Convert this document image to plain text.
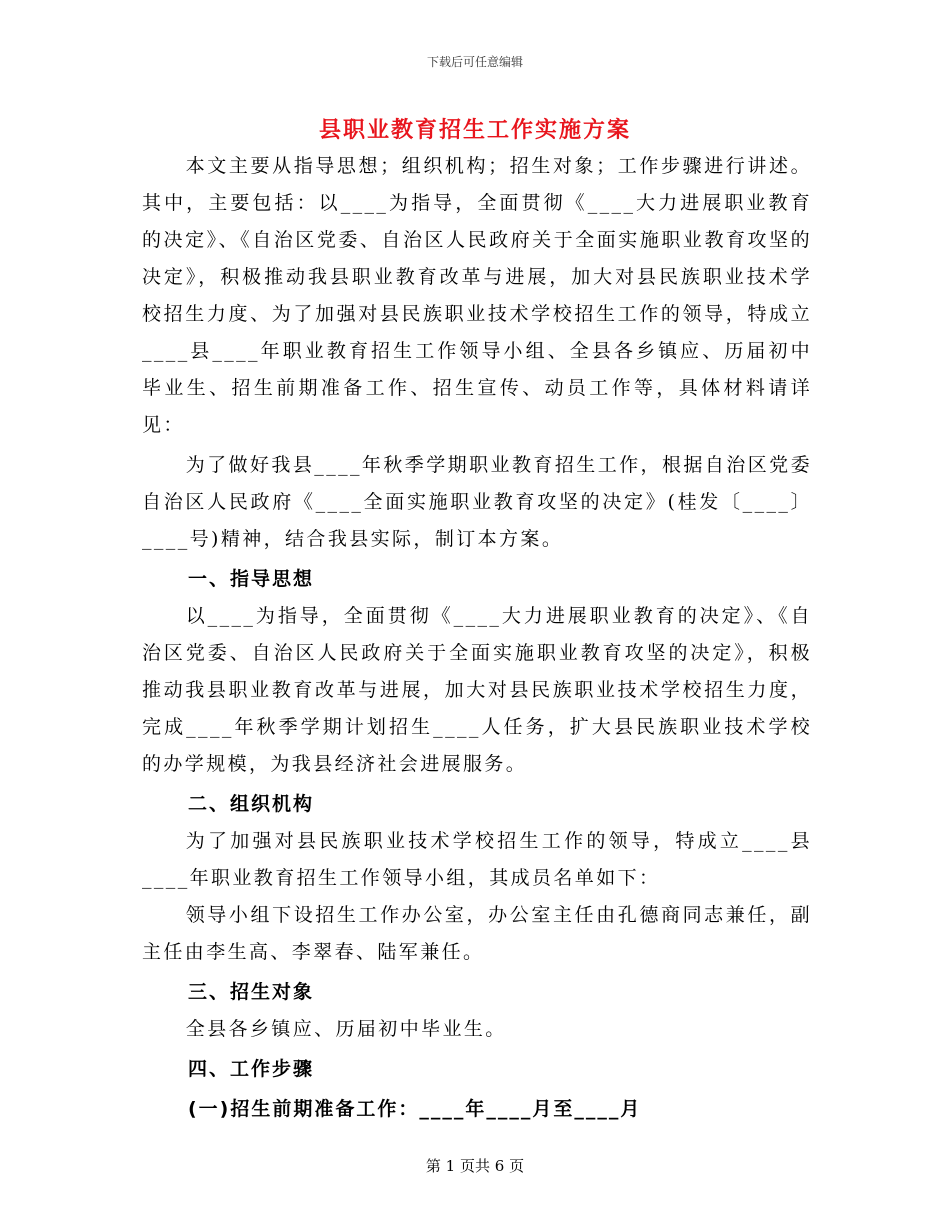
下载后可任意编辑
县职业教育招生工作实施方案

本文主要从指导思想；组织机构；招生对象；工作步骤进行讲述。其中，主要包括：以____为指导，全面贯彻《____大力进展职业教育的决定》、《自治区党委、自治区人民政府关于全面实施职业教育攻坚的决定》，积极推动我县职业教育改革与进展，加大对县民族职业技术学校招生力度、为了加强对县民族职业技术学校招生工作的领导，特成立____县____年职业教育招生工作领导小组、全县各乡镇应、历届初中毕业生、招生前期准备工作、招生宣传、动员工作等，具体材料请详见：

为了做好我县____年秋季学期职业教育招生工作，根据自治区党委自治区人民政府《____全面实施职业教育攻坚的决定》(桂发〔____〕____号)精神，结合我县实际，制订本方案。

一、指导思想

以____为指导，全面贯彻《____大力进展职业教育的决定》、《自治区党委、自治区人民政府关于全面实施职业教育攻坚的决定》，积极推动我县职业教育改革与进展，加大对县民族职业技术学校招生力度，完成____年秋季学期计划招生____人任务，扩大县民族职业技术学校的办学规模，为我县经济社会进展服务。

二、组织机构

为了加强对县民族职业技术学校招生工作的领导，特成立____县____年职业教育招生工作领导小组，其成员名单如下：

领导小组下设招生工作办公室，办公室主任由孔德商同志兼任，副主任由李生高、李翠春、陆军兼任。

三、招生对象

全县各乡镇应、历届初中毕业生。

四、工作步骤

(一)招生前期准备工作：____年____月至____月

第 1 页共 6 页
